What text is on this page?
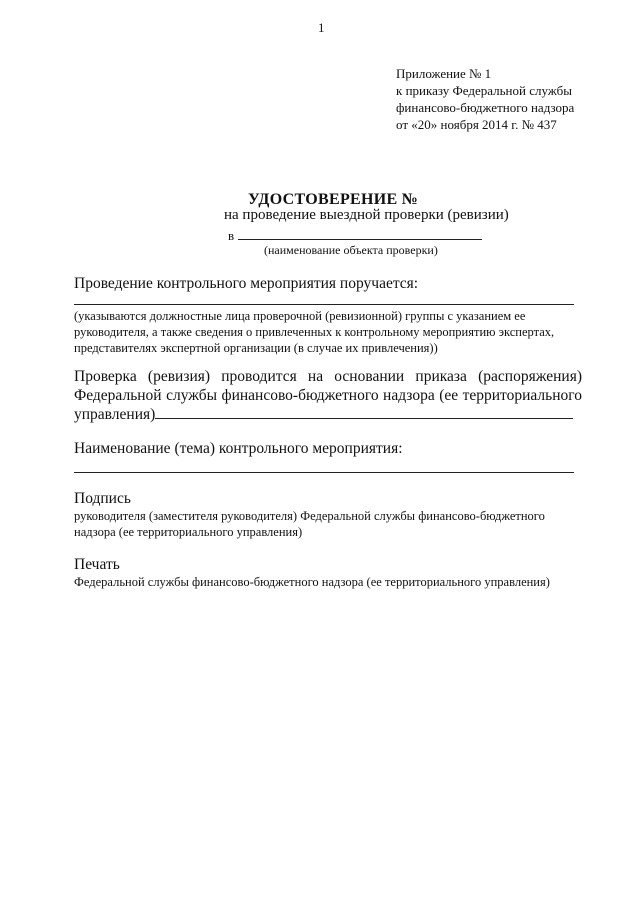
1
Приложение № 1
к приказу Федеральной службы
финансово-бюджетного надзора
от «20» ноября 2014 г. № 437
УДОСТОВЕРЕНИЕ №
на проведение выездной проверки (ревизии)
в
(наименование объекта проверки)
Проведение контрольного мероприятия поручается:
(указываются должностные лица проверочной (ревизионной) группы с указанием ее руководителя, а также сведения о привлеченных к контрольному мероприятию экспертах, представителях экспертной организации (в случае их привлечения))
Проверка (ревизия) проводится на основании приказа (распоряжения) Федеральной службы финансово-бюджетного надзора (ее территориального управления)
Наименование (тема) контрольного мероприятия:
Подпись
руководителя (заместителя руководителя) Федеральной службы финансово-бюджетного надзора (ее территориального управления)
Печать
Федеральной службы финансово-бюджетного надзора (ее территориального управления)
